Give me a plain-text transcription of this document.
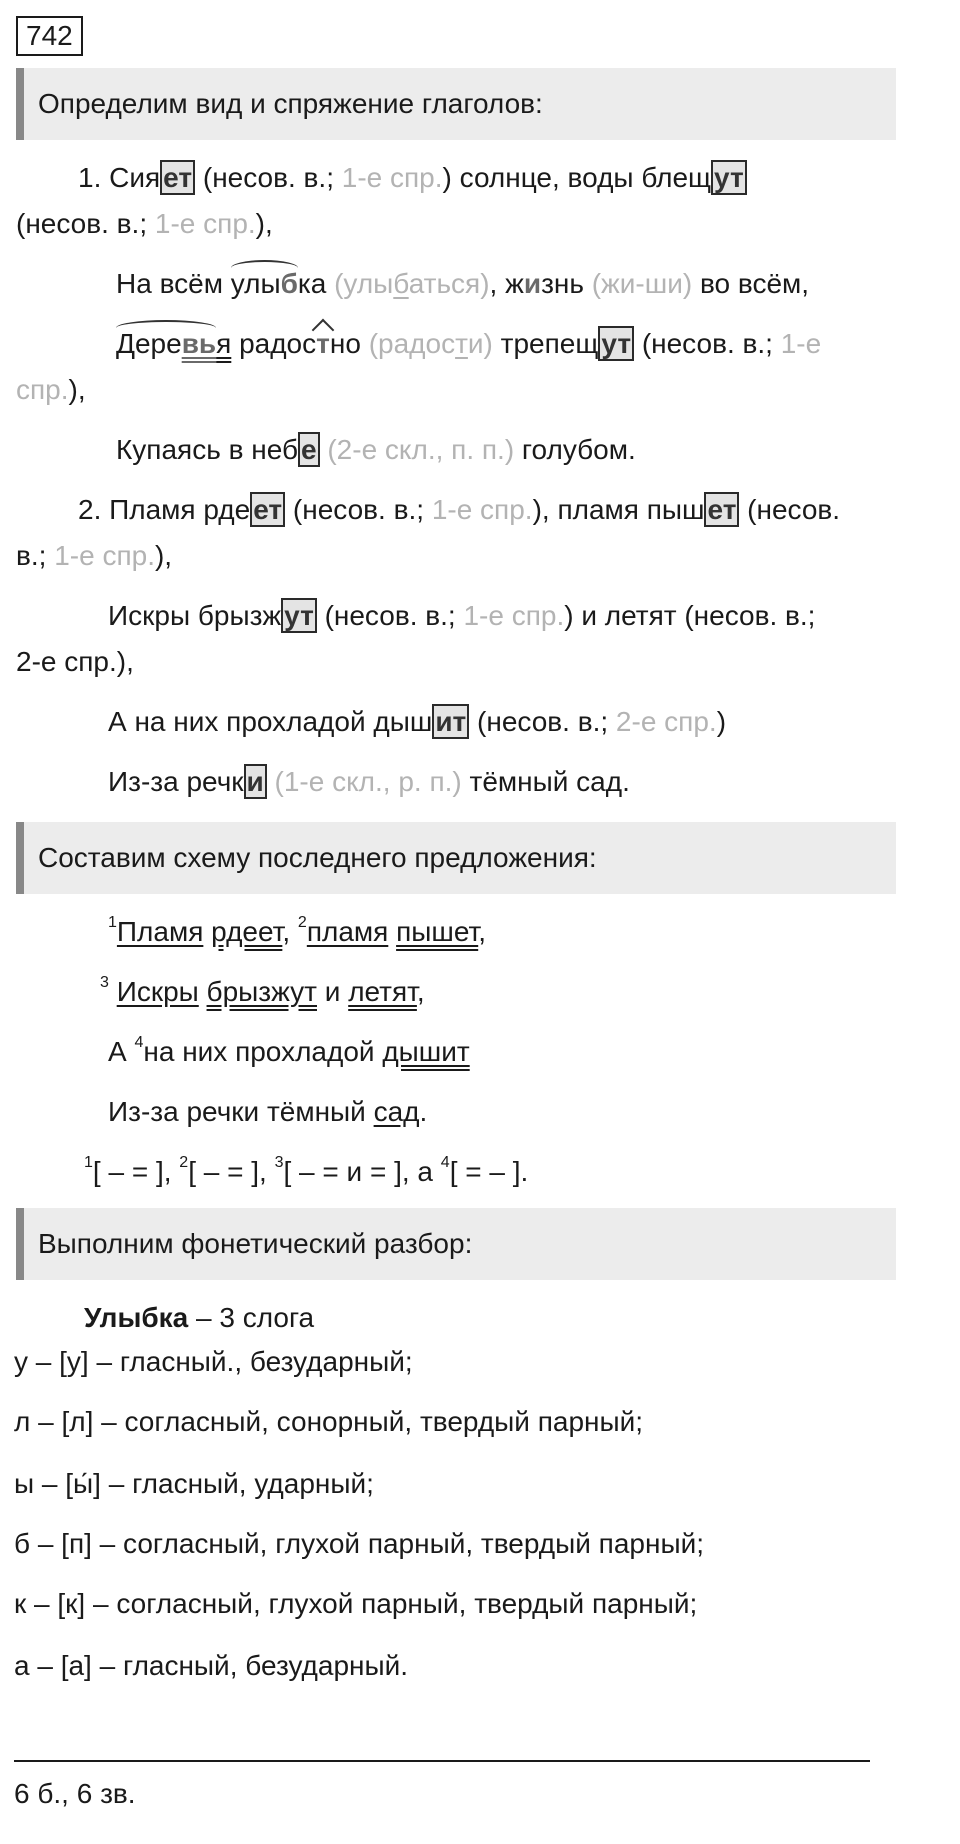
742
Определим вид и спряжение глаголов:
1. Сия ет (несов. в.; 1-е спр.) солнце, воды блещ ут
(несов. в.; 1-е спр.),
На всём улыбка (улыбаться), жизнь (жи-ши) во всём,
Деревья радостно (радости) трепещ ут (несов. в.; 1-е
спр.),
Купаясь в неб е (2-е скл., п. п.) голубом.
2. Пламя рде ет (несов. в.; 1-е спр.), пламя пыш ет (несов.
в.; 1-е спр.),
Искры брызж ут (несов. в.; 1-е спр.) и летят (несов. в.;
2-е спр.),
А на них прохладой дыш ит (несов. в.; 2-е спр.)
Из-за речк и (1-е скл., р. п.) тёмный сад.
Составим схему последнего предложения:
$^1$Пламя рдеет, $^2$пламя пышет,
$^3$ Искры брызжут и летят,
А $^4$на них прохладой дышит
Из-за речки тёмный сад.
$^1$[ – = ], $^2$[ – = ], $^3$[ – = и = ], а $^4$[ = – ].
Выполним фонетический разбор:
Улыбка – 3 слога
у – [у] – гласный., безударный;
л – [л] – согласный, сонорный, твердый парный;
ы – [ы́] – гласный, ударный;
б – [п] – согласный, глухой парный, твердый парный;
к – [к] – согласный, глухой парный, твердый парный;
а – [а] – гласный, безударный.
6 б., 6 зв.
